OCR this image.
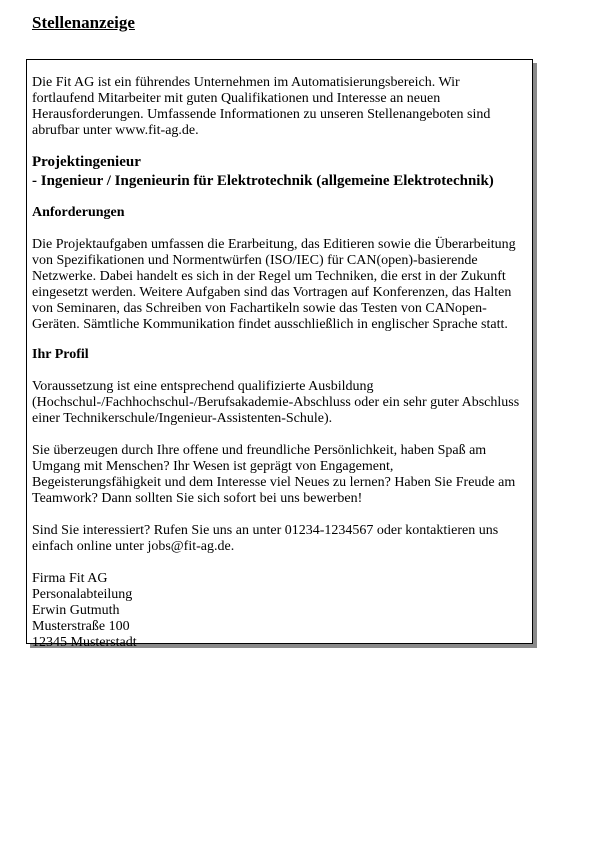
Stellenanzeige

Die Fit AG ist ein führendes Unternehmen im Automatisierungsbereich. Wir fortlaufend Mitarbeiter mit guten Qualifikationen und Interesse an neuen Herausforderungen. Umfassende Informationen zu unseren Stellenangeboten sind abrufbar unter www.fit-ag.de.

Projektingenieur
- Ingenieur / Ingenieurin für Elektrotechnik (allgemeine Elektrotechnik)

Anforderungen

Die Projektaufgaben umfassen die Erarbeitung, das Editieren sowie die Überarbeitung von Spezifikationen und Normentwürfen (ISO/IEC) für CAN(open)-basierende Netzwerke. Dabei handelt es sich in der Regel um Techniken, die erst in der Zukunft eingesetzt werden. Weitere Aufgaben sind das Vortragen auf Konferenzen, das Halten von Seminaren, das Schreiben von Fachartikeln sowie das Testen von CANopen-Geräten. Sämtliche Kommunikation findet ausschließlich in englischer Sprache statt.

Ihr Profil

Voraussetzung ist eine entsprechend qualifizierte Ausbildung (Hochschul-/Fachhochschul-/Berufsakademie-Abschluss oder ein sehr guter Abschluss einer Technikerschule/Ingenieur-Assistenten-Schule).

Sie überzeugen durch Ihre offene und freundliche Persönlichkeit, haben Spaß am Umgang mit Menschen? Ihr Wesen ist geprägt von Engagement, Begeisterungsfähigkeit und dem Interesse viel Neues zu lernen? Haben Sie Freude am Teamwork? Dann sollten Sie sich sofort bei uns bewerben!

Sind Sie interessiert? Rufen Sie uns an unter 01234-1234567 oder kontaktieren uns einfach online unter jobs@fit-ag.de.

Firma Fit AG

Personalabteilung

Erwin Gutmuth

Musterstraße 100

12345 Musterstadt
